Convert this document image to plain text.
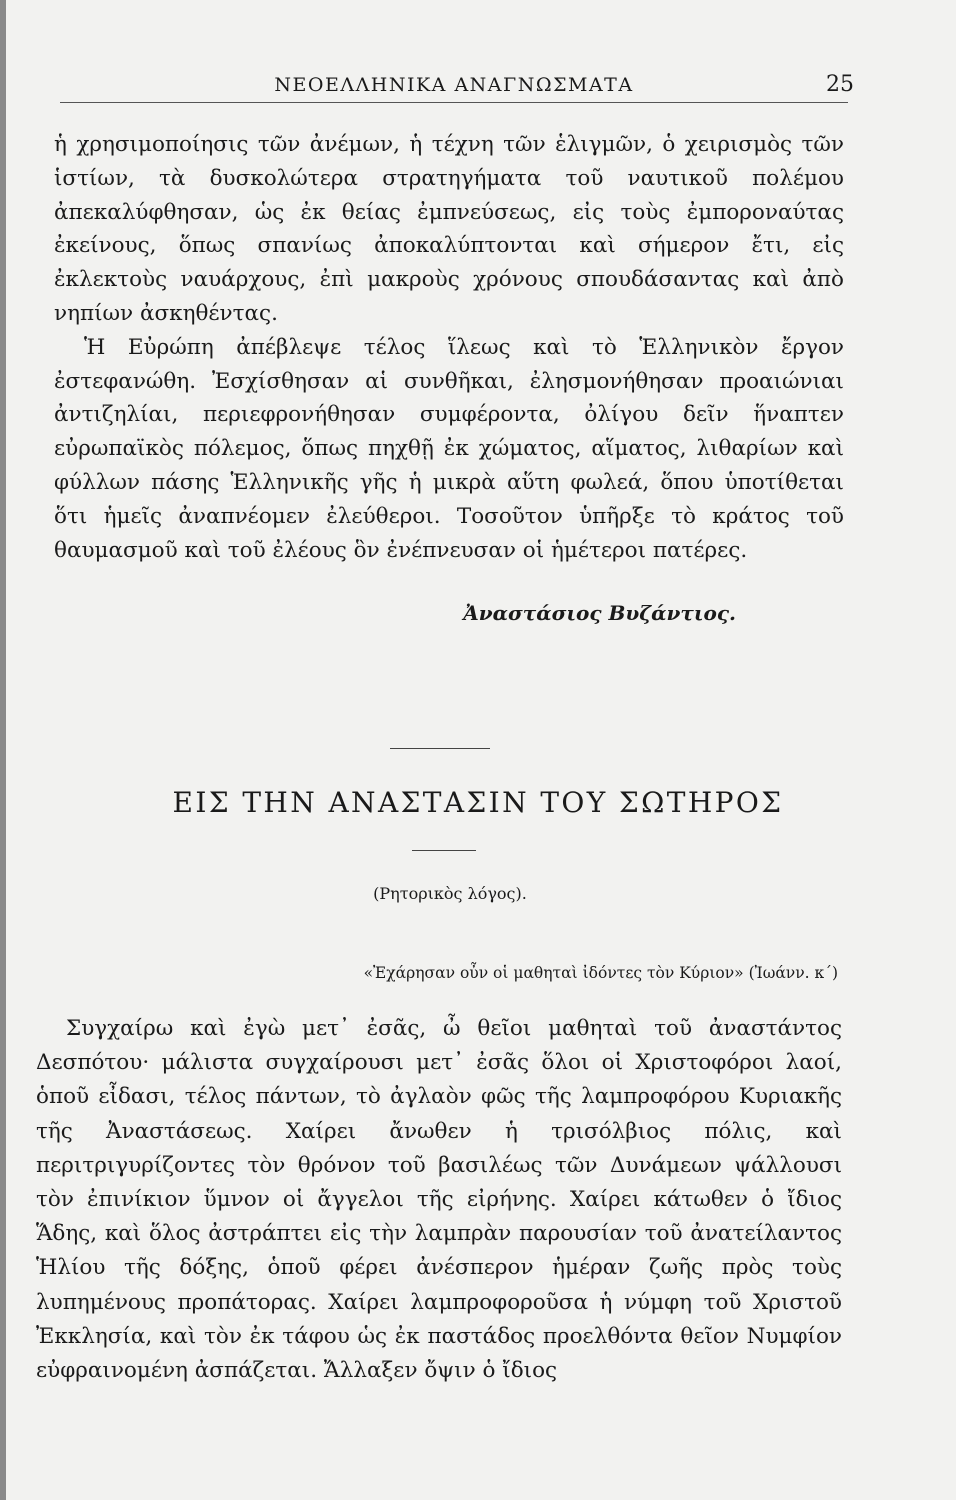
ΝΕΟΕΛΛΗΝΙΚΑ ΑΝΑΓΝΩΣΜΑΤΑ	25

ἡ χρησιμοποίησις τῶν ἀνέμων, ἡ τέχνη τῶν ἑλιγμῶν, ὁ χειρισμὸς τῶν ἱστίων, τὰ δυσκολώτερα στρατηγήματα τοῦ ναυτικοῦ πολέμου ἀπεκαλύφθησαν, ὡς ἐκ θείας ἐμπνεύσεως, εἰς τοὺς ἐμποροναύτας ἐκείνους, ὅπως σπανίως ἀποκαλύπτονται καὶ σήμερον ἔτι, εἰς ἐκλεκτοὺς ναυάρχους, ἐπὶ μακροὺς χρόνους σπουδάσαντας καὶ ἀπὸ νηπίων ἀσκηθέντας.

Ἡ Εὐρώπη ἀπέβλεψε τέλος ἵλεως καὶ τὸ Ἑλληνικὸν ἔργον ἐστεφανώθη. Ἐσχίσθησαν αἱ συνθῆκαι, ἐλησμονήθησαν προαιώνιαι ἀντιζηλίαι, περιεφρονήθησαν συμφέροντα, ὀλίγου δεῖν ἥναπτεν εὐρωπαϊκὸς πόλεμος, ὅπως πηχθῇ ἐκ χώματος, αἵματος, λιθαρίων καὶ φύλλων πάσης Ἑλληνικῆς γῆς ἡ μικρὰ αὕτη φωλεά, ὅπου ὑποτίθεται ὅτι ἡμεῖς ἀναπνέομεν ἐλεύθεροι. Τοσοῦτον ὑπῆρξε τὸ κράτος τοῦ θαυμασμοῦ καὶ τοῦ ἐλέους ὃν ἐνέπνευσαν οἱ ἡμέτεροι πατέρες.

Ἀναστάσιος Βυζάντιος.
ΕΙΣ ΤΗΝ ΑΝΑΣΤΑΣΙΝ ΤΟΥ ΣΩΤΗΡΟΣ
(Ρητορικὸς λόγος).
«Ἐχάρησαν οὖν οἱ μαθηταὶ ἰδόντες τὸν Κύριον» (Ἰωάνν. κ΄)

Συγχαίρω καὶ ἐγὼ μετ᾿ ἐσᾶς, ὦ θεῖοι μαθηταὶ τοῦ ἀναστάντος Δεσπότου· μάλιστα συγχαίρουσι μετ᾿ ἐσᾶς ὅλοι οἱ Χριστοφόροι λαοί, ὁποῦ εἶδασι, τέλος πάντων, τὸ ἀγλαὸν φῶς τῆς λαμπροφόρου Κυριακῆς τῆς Ἀναστάσεως. Χαίρει ἄνωθεν ἡ τρισόλβιος πόλις, καὶ περιτριγυρίζοντες τὸν θρόνον τοῦ βασιλέως τῶν Δυνάμεων ψάλλουσι τὸν ἐπινίκιον ὕμνον οἱ ἄγγελοι τῆς εἰρήνης. Χαίρει κάτωθεν ὁ ἴδιος Ἅδης, καὶ ὅλος ἀστράπτει εἰς τὴν λαμπρὰν παρουσίαν τοῦ ἀνατείλαντος Ἡλίου τῆς δόξης, ὁποῦ φέρει ἀνέσπερον ἡμέραν ζωῆς πρὸς τοὺς λυπημένους προπάτορας. Χαίρει λαμπροφοροῦσα ἡ νύμφη τοῦ Χριστοῦ Ἐκκλησία, καὶ τὸν ἐκ τάφου ὡς ἐκ παστάδος προελθόντα θεῖον Νυμφίον εὐφραινομένη ἀσπάζεται. Ἄλλαξεν ὄψιν ὁ ἴδιος
